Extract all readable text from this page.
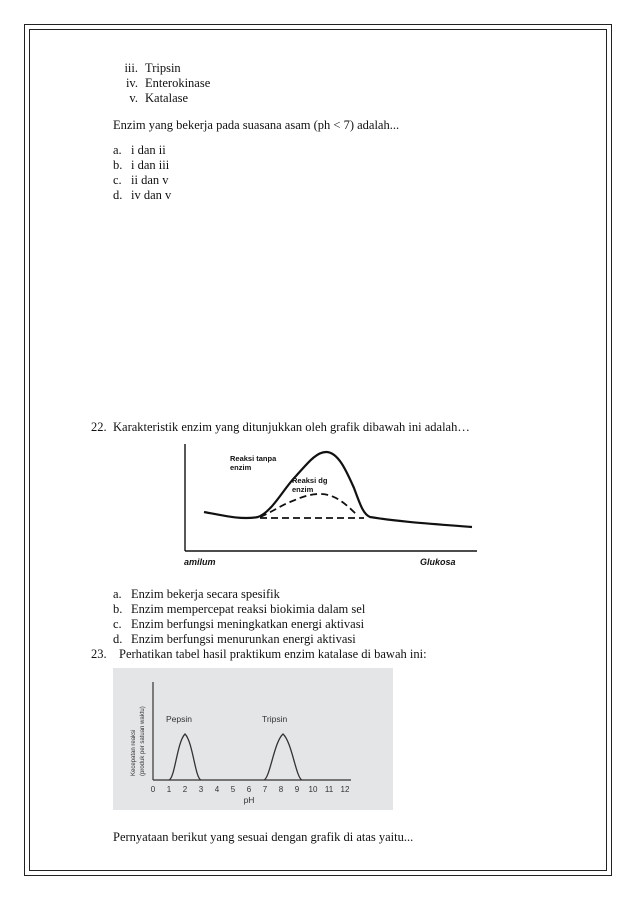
iii. Tripsin
iv. Enterokinase
v. Katalase
Enzim yang bekerja pada suasana asam (ph < 7) adalah...
a. i dan ii
b. i dan iii
c. ii dan v
d. iv dan v
22. Karakteristik enzim yang ditunjukkan oleh grafik dibawah ini adalah…
Reaksi tanpa
enzim
Reaksi dg
enzim
amilum	Glukosa
a. Enzim bekerja secara spesifik
b. Enzim mempercepat reaksi biokimia dalam sel
c. Enzim berfungsi meningkatkan energi aktivasi
d. Enzim berfungsi menurunkan energi aktivasi
23. Perhatikan tabel hasil praktikum enzim katalase di bawah ini:
Kecepatan reaksi (produk per satuan waktu) Pepsin	Tripsin
0 1 2 3 4 5 6 7 8 9 10 11 12
pH
Pernyataan berikut yang sesuai dengan grafik di atas yaitu...
